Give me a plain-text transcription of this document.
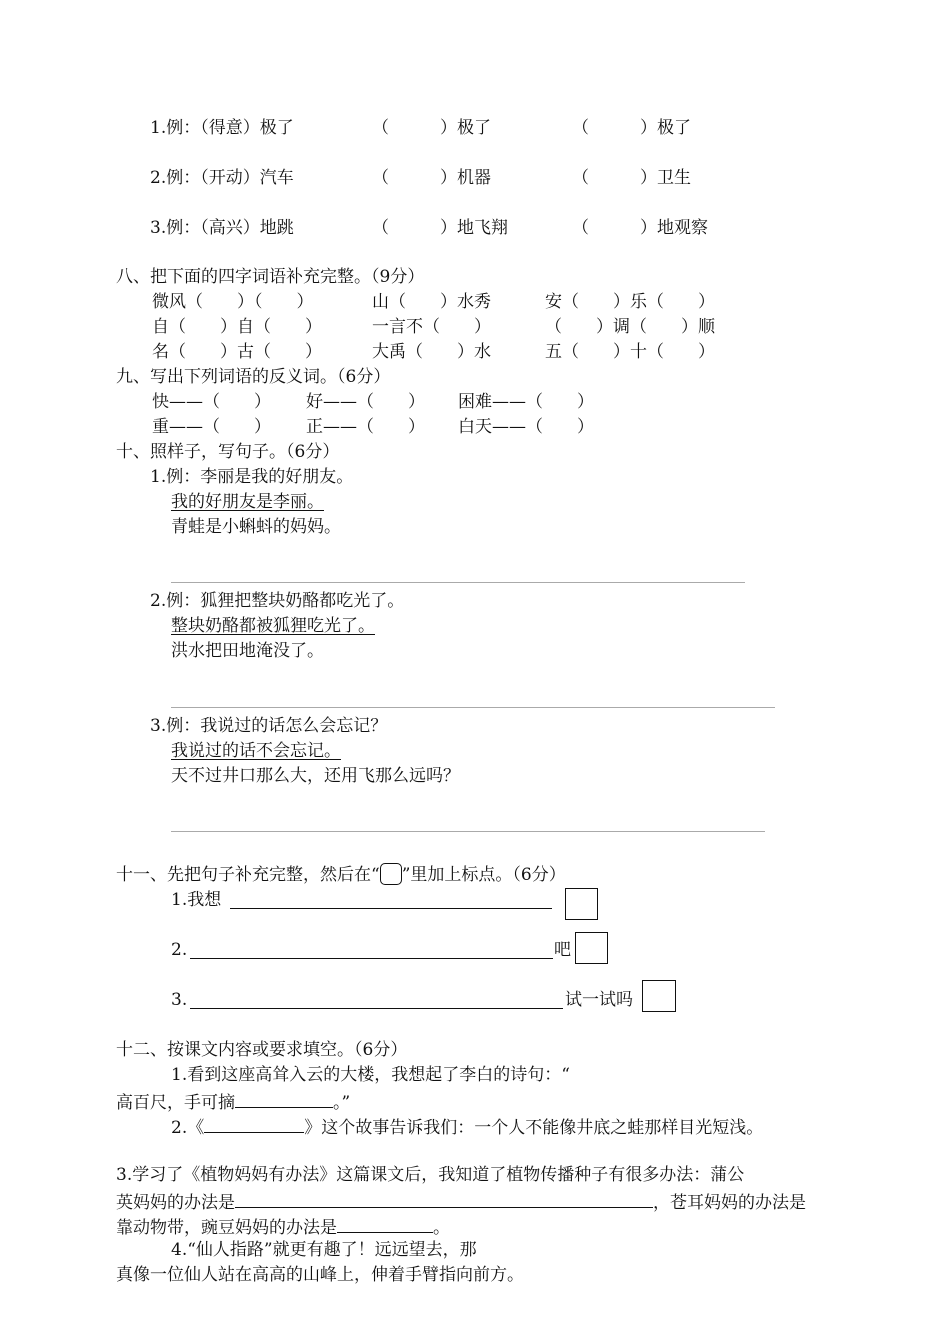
1.例：（得意）极了	（　　　）极了	（　　　）极了
2.例：（开动）汽车	（　　　）机器	（　　　）卫生
3.例：（高兴）地跳	（　　　）地飞翔	（　　　）地观察
八、把下面的四字词语补充完整。（9分）
微风（　　）（　　）	山（　　）水秀	安（　　）乐（　　）
自（　　）自（　　）	一言不（　　）	（　　）调（　　）顺
名（　　）古（　　）	大禹（　　）水	五（　　）十（　　）
九、写出下列词语的反义词。（6分）
快——（　　） 好——（　　） 困难——（　　）
重——（　　） 正——（　　） 白天——（　　）
十、照样子，写句子。（6分）
1.例：李丽是我的好朋友。
我的好朋友是李丽。
青蛙是小蝌蚪的妈妈。
2.例：狐狸把整块奶酪都吃光了。
整块奶酪都被狐狸吃光了。
洪水把田地淹没了。
3.例：我说过的话怎么会忘记？
我说过的话不会忘记。
天不过井口那么大，还用飞那么远吗？
十一、先把句子补充完整，然后在“ ”里加上标点。（6分）
1.我想
2.	吧
3.	试一试吗
十二、按课文内容或要求填空。（6分）
1.看到这座高耸入云的大楼，我想起了李白的诗句：“
高百尺，手可摘	。”
2.《	》这个故事告诉我们：一个人不能像井底之蛙那样目光短浅。
3.学习了《植物妈妈有办法》这篇课文后，我知道了植物传播种子有很多办法：蒲公
英妈妈的办法是	，苍耳妈妈的办法是
靠动物带，豌豆妈妈的办法是	。
4.“仙人指路”就更有趣了！远远望去，那
真像一位仙人站在高高的山峰上，伸着手臂指向前方。
